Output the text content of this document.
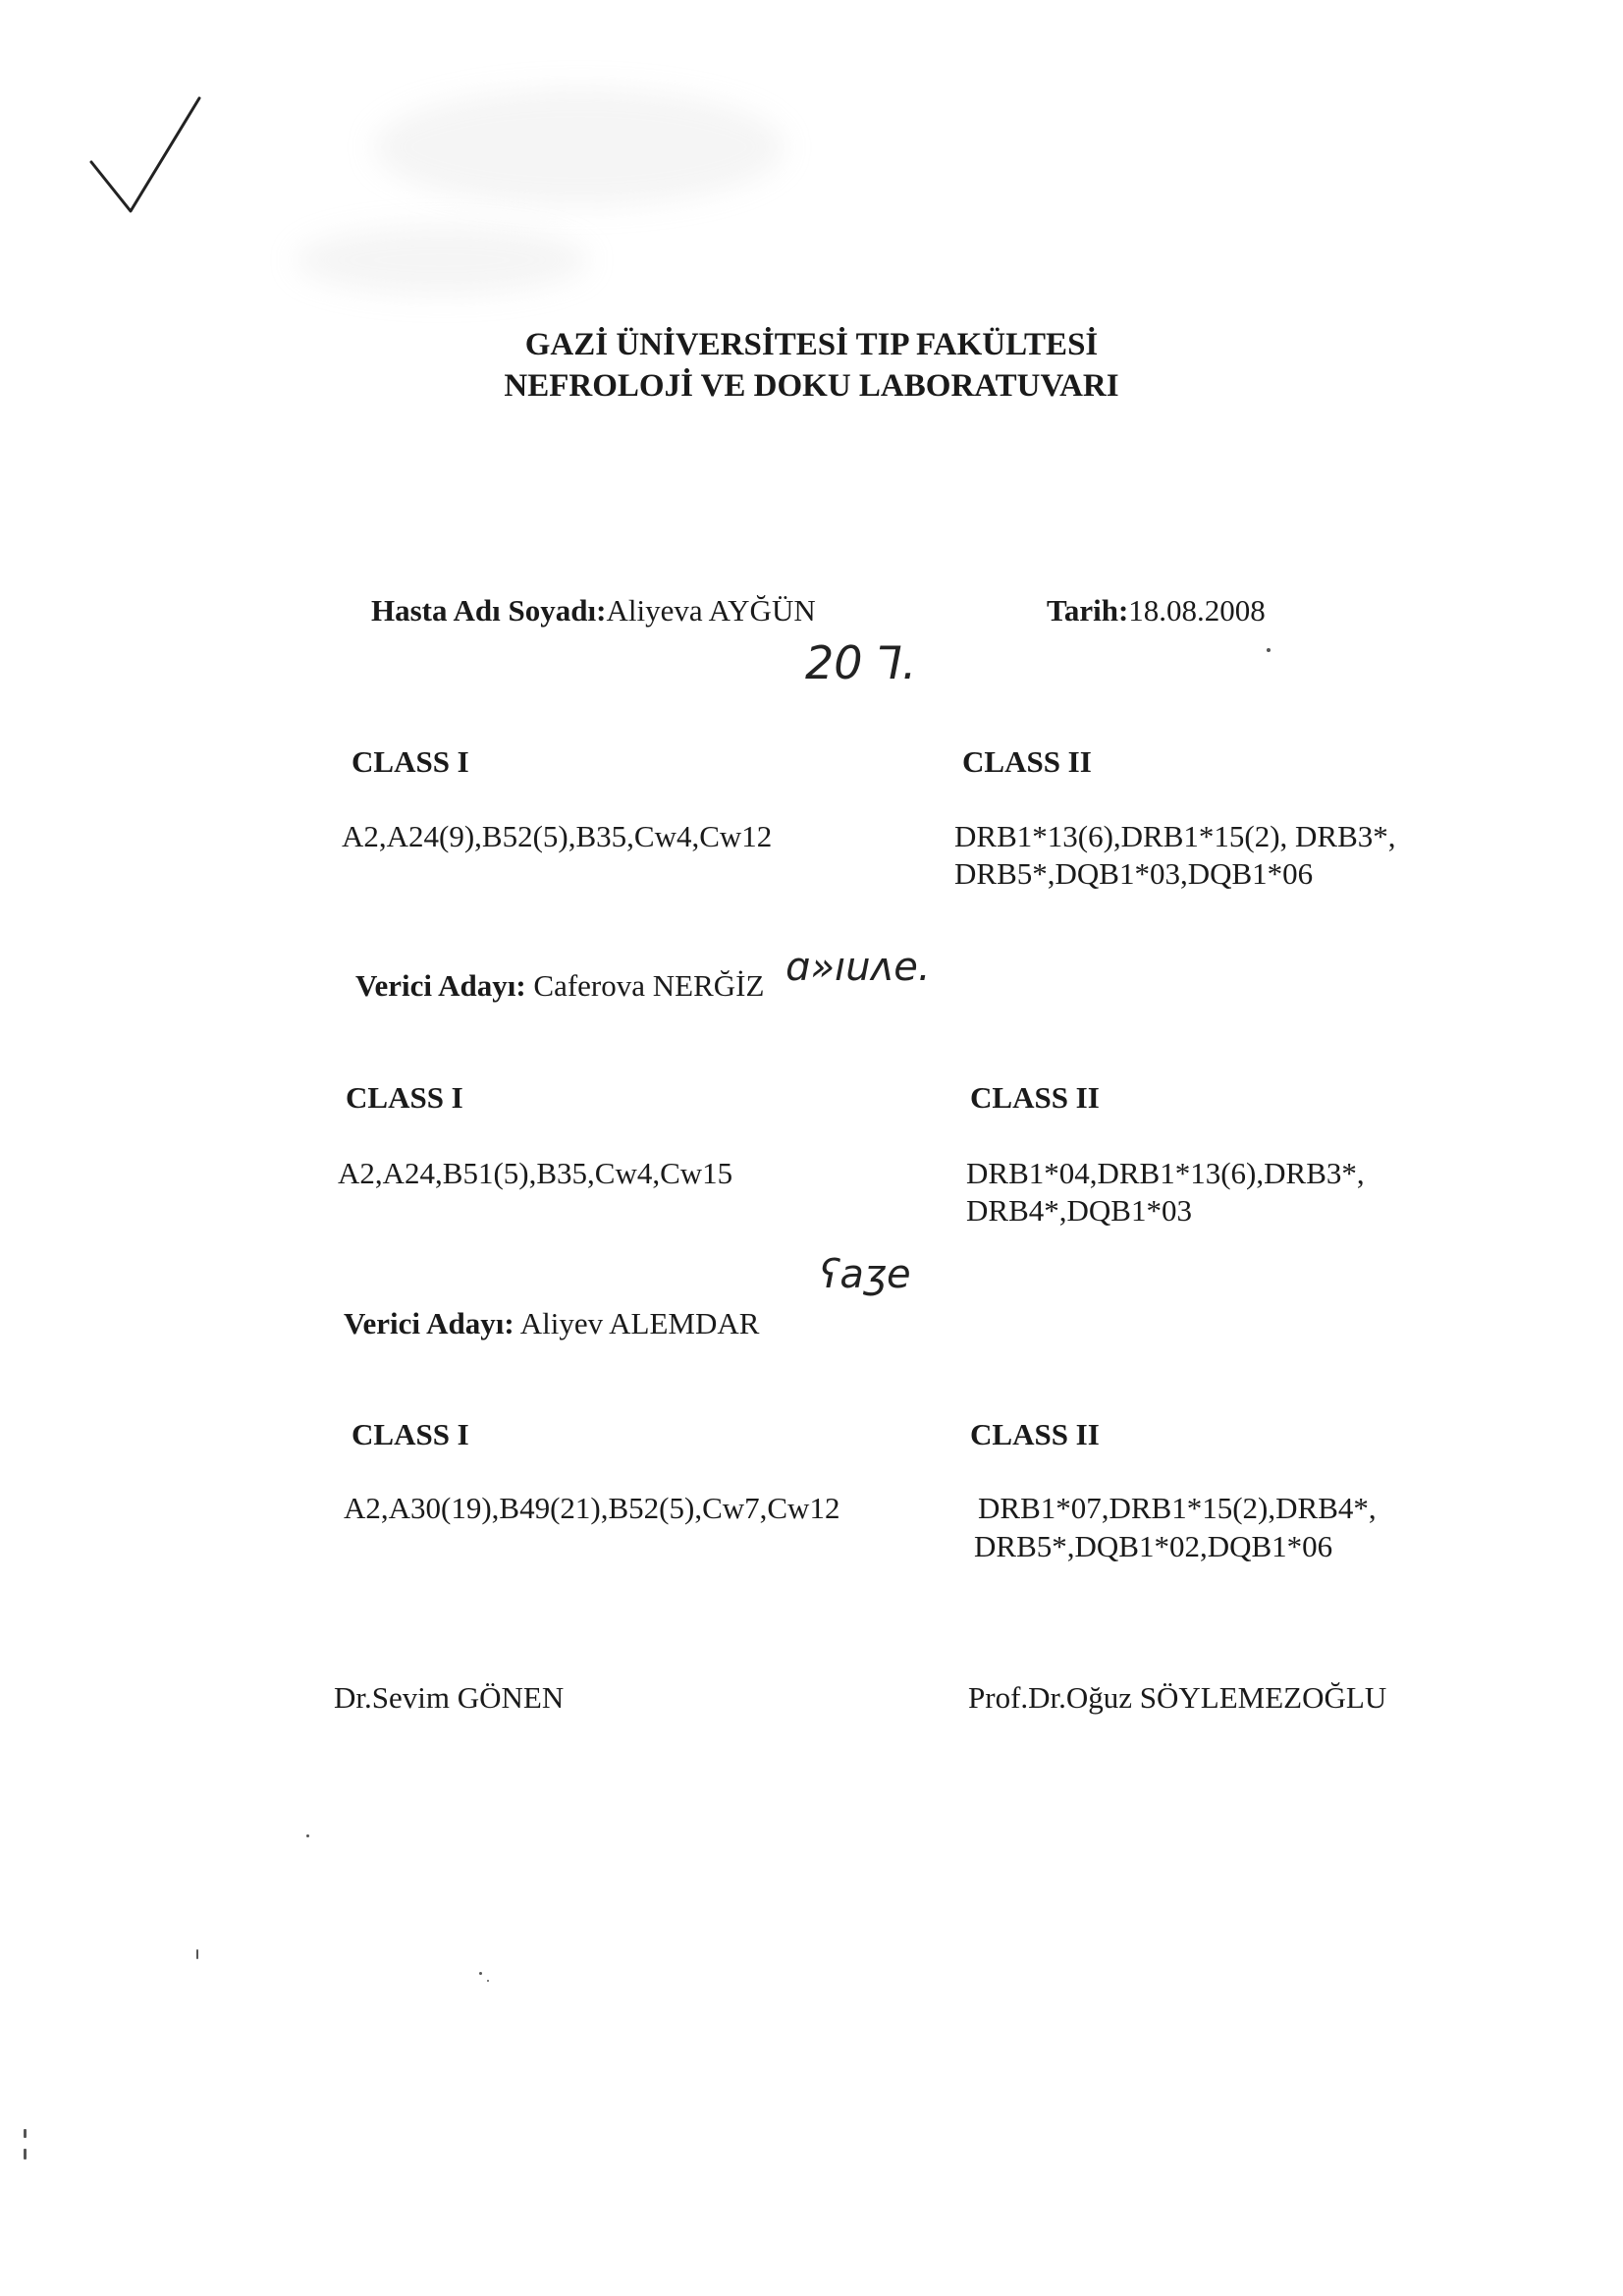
GAZİ ÜNİVERSİTESİ TIP FAKÜLTESİ
NEFROLOJİ VE DOKU LABORATUVARI
Hasta Adı Soyadı:Aliyeva AYĞÜN	Tarih:18.08.2008
20 ⅂.
CLASS I	CLASS II
A2,A24(9),B52(5),B35,Cw4,Cw12	DRB1*13(6),DRB1*15(2), DRB3*,
DRB5*,DQB1*03,DQB1*06
Verici Adayı: Caferova NERĞİZ ɑ»ıuᴧe.
CLASS I	CLASS II
A2,A24,B51(5),B35,Cw4,Cw15	DRB1*04,DRB1*13(6),DRB3*,
DRB4*,DQB1*03
ʕaʒe
Verici Adayı: Aliyev ALEMDAR
CLASS I	CLASS II
A2,A30(19),B49(21),B52(5),Cw7,Cw12	DRB1*07,DRB1*15(2),DRB4*,
DRB5*,DQB1*02,DQB1*06
Dr.Sevim GÖNEN	Prof.Dr.Oğuz SÖYLEMEZOĞLU
